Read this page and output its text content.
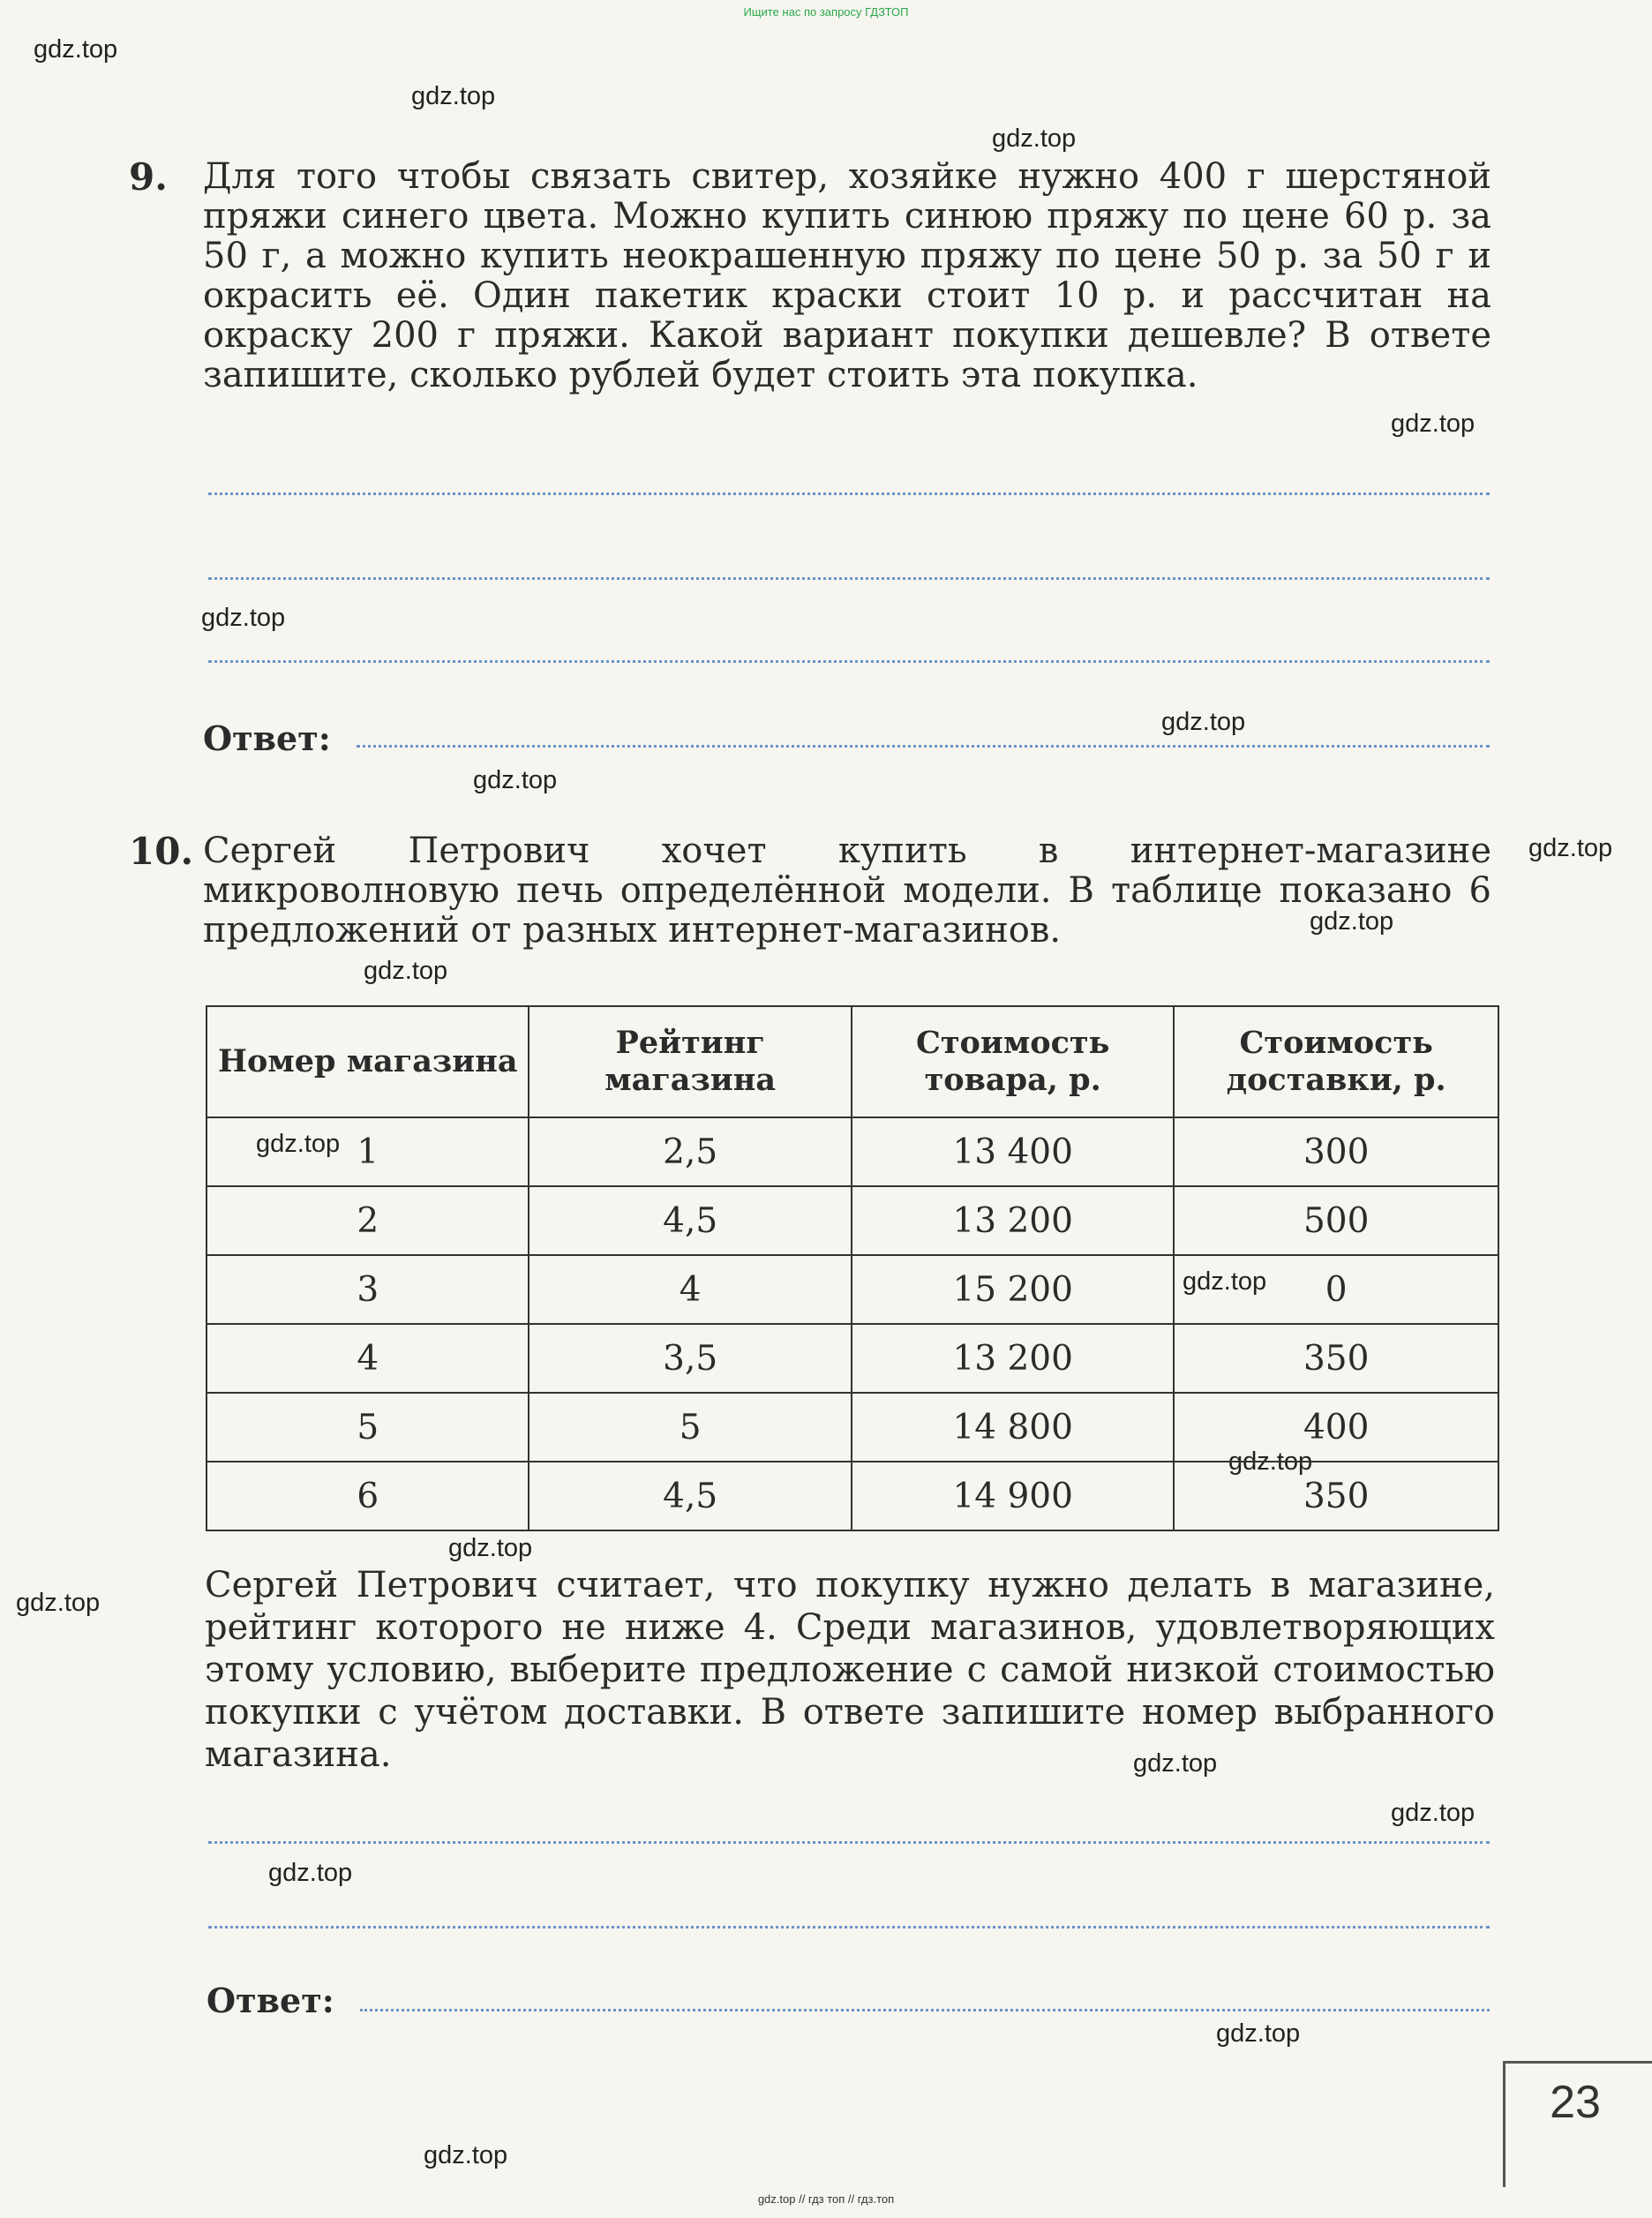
Ищите нас по запросу ГДЗТОП
gdz.top
gdz.top
gdz.top
gdz.top
gdz.top
gdz.top
gdz.top
gdz.top
gdz.top
gdz.top
gdz.top
gdz.top
gdz.top
gdz.top
gdz.top
gdz.top
gdz.top
gdz.top
gdz.top
gdz.top
9. Для того чтобы связать свитер, хозяйке нужно 400 г шерстяной пряжи синего цвета. Можно купить синюю пряжу по цене 60 р. за 50 г, а можно купить неокрашенную пряжу по цене 50 р. за 50 г и окрасить её. Один пакетик краски стоит 10 р. и рассчитан на окраску 200 г пряжи. Какой вариант покупки дешевле? В ответе запишите, сколько рублей будет стоить эта покупка.

Ответ:
10. Сергей Петрович хочет купить в интернет-магазине микроволновую печь определённой модели. В таблице показано 6 предложений от разных интернет-магазинов.

Номер магазина	Рейтинг магазина	Стоимость товара, р.	Стоимость доставки, р.
1	2,5	13 400	300
2	4,5	13 200	500
3	4	15 200	0
4	3,5	13 200	350
5	5	14 800	400
6	4,5	14 900	350

Сергей Петрович считает, что покупку нужно делать в магазине, рейтинг которого не ниже 4. Среди магазинов, удовлетворяющих этому условию, выберите предложение с самой низкой стоимостью покупки с учётом доставки. В ответе запишите номер выбранного магазина.

Ответ:
23
gdz.top // гдз топ // гдз.топ
